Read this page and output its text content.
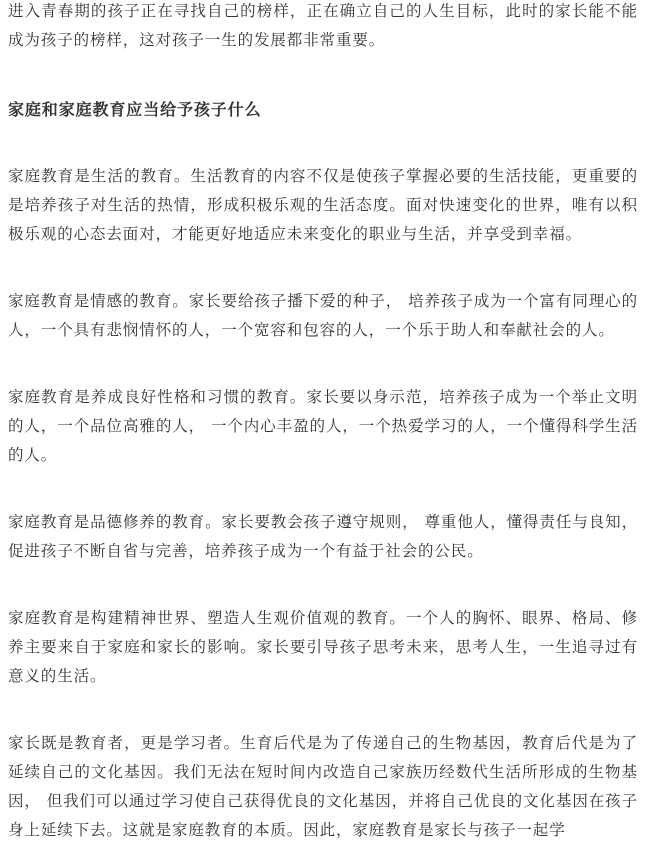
进入青春期的孩子正在寻找自己的榜样，正在确立自己的人生目标，此时的家长能不能成为孩子的榜样，这对孩子一生的发展都非常重要。

家庭和家庭教育应当给予孩子什么

家庭教育是生活的教育。生活教育的内容不仅是使孩子掌握必要的生活技能，更重要的是培养孩子对生活的热情，形成积极乐观的生活态度。面对快速变化的世界，唯有以积极乐观的心态去面对，才能更好地适应未来变化的职业与生活，并享受到幸福。

家庭教育是情感的教育。家长要给孩子播下爱的种子， 培养孩子成为一个富有同理心的人，一个具有悲悯情怀的人，一个宽容和包容的人，一个乐于助人和奉献社会的人。

家庭教育是养成良好性格和习惯的教育。家长要以身示范，培养孩子成为一个举止文明的人，一个品位高雅的人， 一个内心丰盈的人，一个热爱学习的人，一个懂得科学生活的人。

家庭教育是品德修养的教育。家长要教会孩子遵守规则， 尊重他人，懂得责任与良知，促进孩子不断自省与完善，培养孩子成为一个有益于社会的公民。

家庭教育是构建精神世界、塑造人生观价值观的教育。一个人的胸怀、眼界、格局、修养主要来自于家庭和家长的影响。家长要引导孩子思考未来，思考人生，一生追寻过有意义的生活。

家长既是教育者，更是学习者。生育后代是为了传递自己的生物基因，教育后代是为了延续自己的文化基因。我们无法在短时间内改造自己家族历经数代生活所形成的生物基因， 但我们可以通过学习使自己获得优良的文化基因，并将自己优良的文化基因在孩子身上延续下去。这就是家庭教育的本质。因此，家庭教育是家长与孩子一起学
